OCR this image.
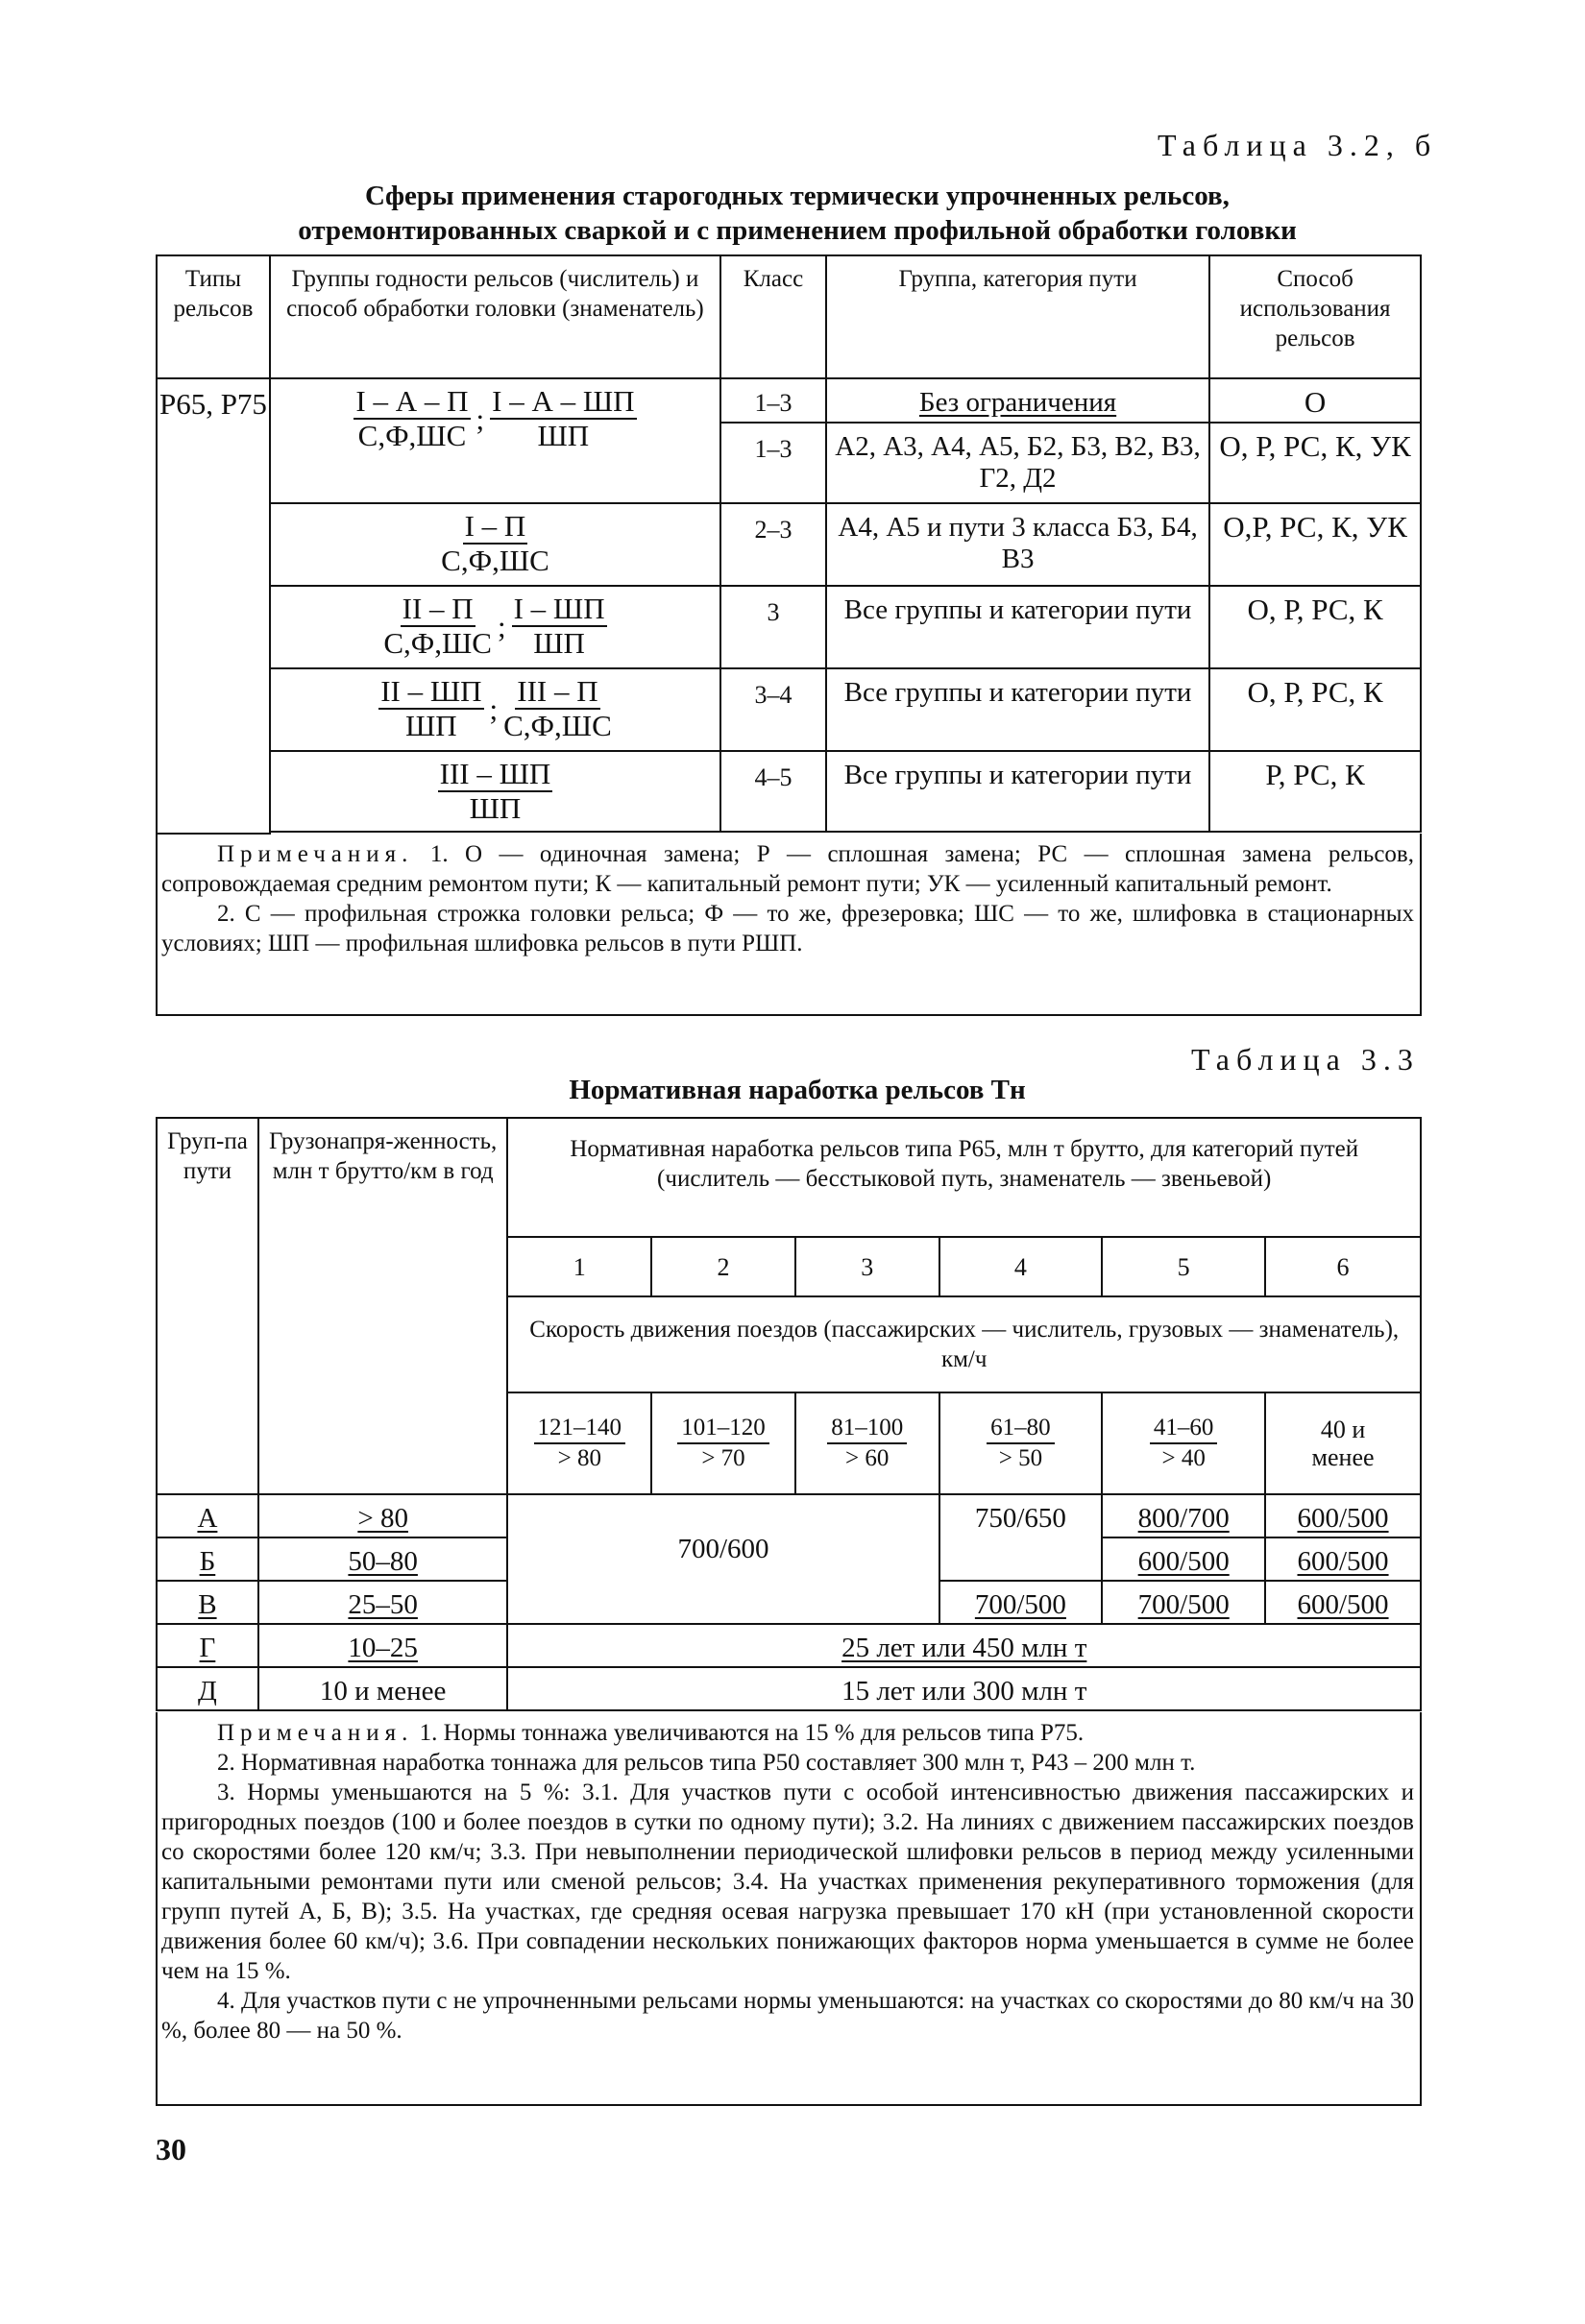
Таблица 3.2, б
Сферы применения старогодных термически упрочненных рельсов,
отремонтированных сваркой и с применением профильной обработки головки
Типы рельсов	Группы годности рельсов (числитель) и способ обработки головки (знаменатель)	Класс	Группа, категория пути	Способ использования рельсов
Р65, Р75	$\frac{I - А - П}{С,Ф,ШС}$ ; $\frac{I - А - ШП}{ШП}$	1–3	Без ограничения	О
		1–3	А2, А3, А4, А5, Б2, Б3, В2, В3, Г2, Д2	О, Р, РС, К, УК

	$\frac{I - П}{С,Ф,ШС}$	2–3	А4, А5 и пути 3 класса Б3, Б4, В3	О,Р, РС, К, УК

	$\frac{II - П}{С,Ф,ШС}$ ; $\frac{I - ШП}{ШП}$	3	Все группы и категории пути	О, Р, РС, К

	$\frac{II - ШП}{ШП}$ ; $\frac{\text{III – П}}{С,Ф,ШС}$	3–4	Все группы и категории пути	О, Р, РС, К

	$\frac{\text{III – ШП}}{ШП}$	4–5	Все группы и категории пути	Р, РС, К

Примечания. 1. О — одиночная замена; Р — сплошная замена; РС — сплошная замена рельсов, сопровождаемая средним ремонтом пути; К — капитальный ремонт пути; УК — усиленный капитальный ремонт.

2. С — профильная строжка головки рельса; Ф — то же, фрезеровка; ШС — то же, шлифовка в стационарных условиях; ШП — профильная шлифовка рельсов в пути РШП.

Таблица 3.3
Нормативная наработка рельсов Tн
Груп-па пути	Грузонапря-женность, млн т брутто/км в год	Нормативная наработка рельсов типа Р65, млн т брутто, для категорий путей (числитель — бесстыковой путь, знаменатель — звеньевой)					
		1	2	3	4	5	6
		Скорость движения поездов (пассажирских — числитель, грузовых — знаменатель), км/ч					

		$\frac{121-140}{> 80}$	$\frac{101-120}{> 70}$	$\frac{81-100}{> 60}$	$\frac{61-80}{> 50}$	$\frac{41-60}{> 40}$	40 и менее
А	> 80	700/600			750/650	800/700	600/500
Б	50–80					600/500	600/500
В	25–50				700/500	700/500	600/500
Г	10–25	25 лет или 450 млн т					
Д	10 и менее	15 лет или 300 млн т					

Примечания. 1. Нормы тоннажа увеличиваются на 15 % для рельсов типа Р75.

2. Нормативная наработка тоннажа для рельсов типа Р50 составляет 300 млн т, Р43 – 200 млн т.

3. Нормы уменьшаются на 5 %: 3.1. Для участков пути с особой интенсивностью движения пассажирских и пригородных поездов (100 и более поездов в сутки по одному пути); 3.2. На линиях с движением пассажирских поездов со скоростями более 120 км/ч; 3.3. При невыполнении периодической шлифовки рельсов в период между усиленными капитальными ремонтами пути или сменой рельсов; 3.4. На участках применения рекуперативного торможения (для групп путей А, Б, В); 3.5. На участках, где средняя осевая нагрузка превышает 170 кН (при установленной скорости движения более 60 км/ч); 3.6. При совпадении нескольких понижающих факторов норма уменьшается в сумме не более чем на 15 %.

4. Для участков пути с не упрочненными рельсами нормы уменьшаются: на участках со скоростями до 80 км/ч на 30 %, более 80 — на 50 %.

30
